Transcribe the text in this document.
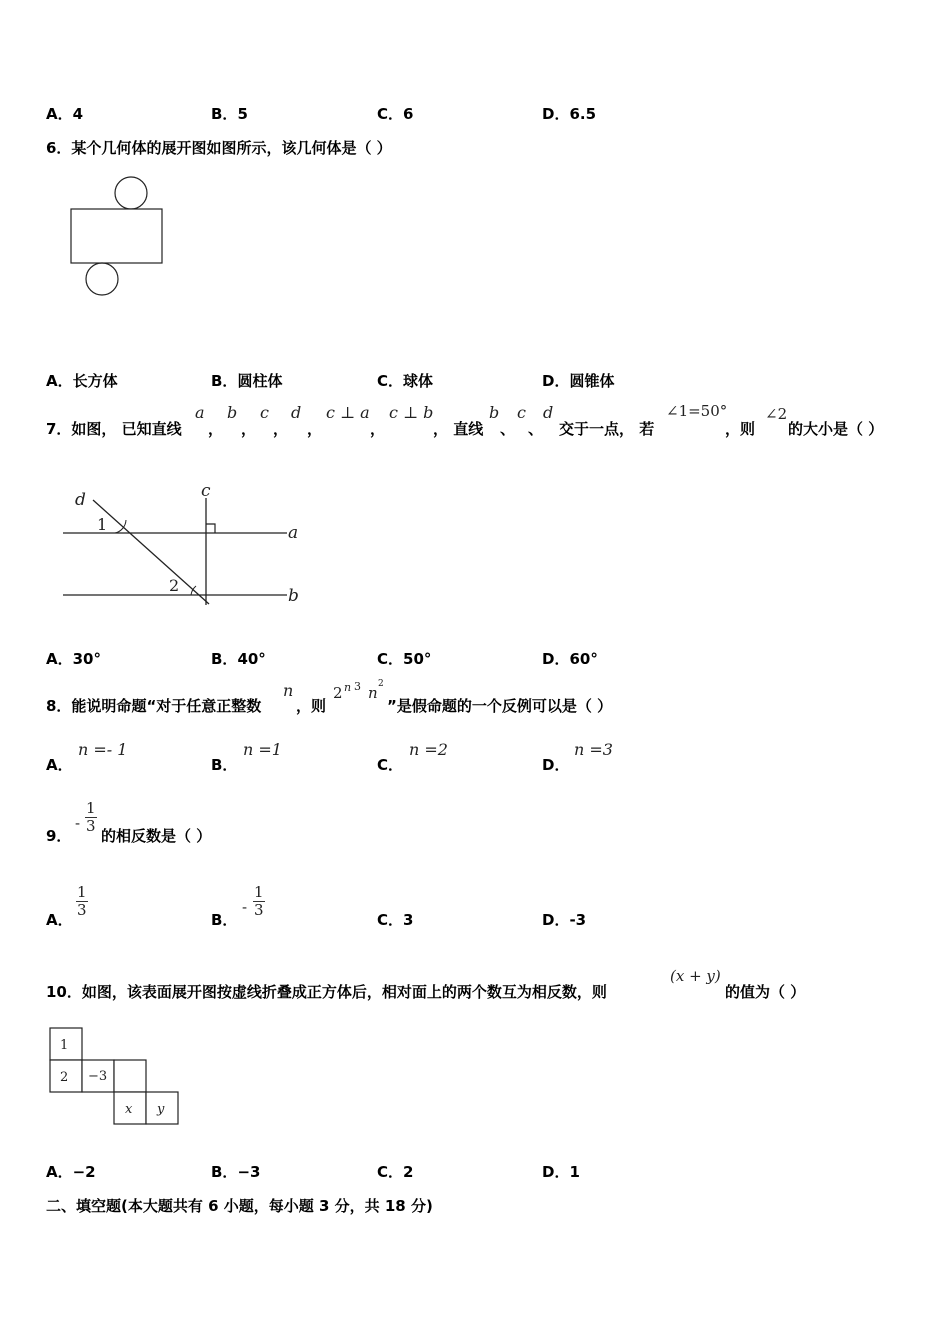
A．4	B．5	C．6	D．6.5
6．某个几何体的展开图如图所示，该几何体是（ ）
A．长方体	B．圆柱体	C．球体	D．圆锥体
7．如图， 已知直线
a
，
b
，
c
，
d
，
c ⊥ a
，
c ⊥ b
， 直线
b
、
c
、
d
交于一点， 若
∠1=50°
，则
∠2
的大小是（ ）
d	c
a
b
1
2
A．30°	B．40°	C．50°	D．60°
8．能说明命题“对于任意正整数
n
，则
2 n 3 n 2
”是假命题的一个反例可以是（ ）
A．
n =- 1
B．
n =1
C．
n =2
D．
n =3
9．
- $\frac{1}{3}$
的相反数是（ ）
A．
$\frac{1}{3}$
B．
- $\frac{1}{3}$
C．3	D．-3
10．如图，该表面展开图按虚线折叠成正方体后，相对面上的两个数互为相反数，则
(x + y)
的值为（ ）
1
2 −3
x y
A．−2	B．−3	C．2	D．1
二、填空题(本大题共有 6 小题，每小题 3 分，共 18 分)
